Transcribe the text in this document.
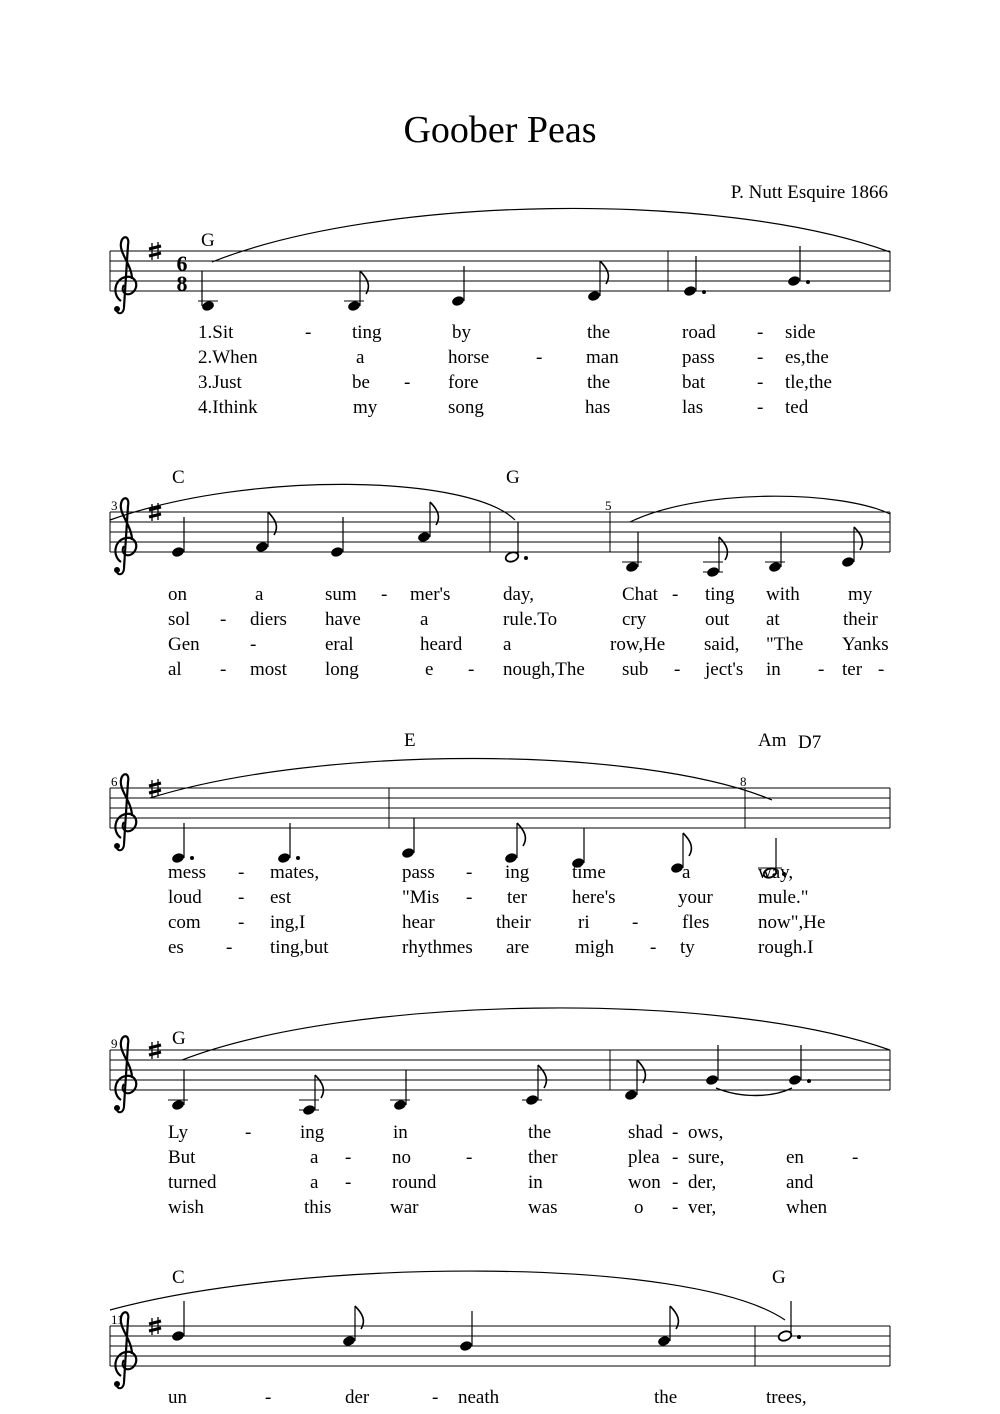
Goober Peas
P. Nutt Esquire 1866
6
8
G
1.Sit	- ting	by	the	road - side
2.When	a	horse - man	pass - es,the
3.Just	be - fore	the	bat	- tle,the
4.Ithink	my	song	has	las	- ted
3	5
C	G
on	a	sum - mer's	day,	Chat - ting with	my
sol - diers have	a	rule.To	cry	out at	their
Gen	-	eral	heard a	row,He said, "The Yanks
al - most long	e - nough,The sub - ject's in - ter -
6	8
E	Am D7
mess - mates,	pass - ing time	a	way,
loud - est	"Mis - ter here's	your mule."
com - ing,I	hear	their ri - fles	now",He
es - ting,but	rhythmes are migh - ty	rough.I
9	G
Ly	-	ing	in	the	shad - ows,
But	a - no	-	ther	plea - sure,	en	-
turned	a - round	in	won - der,	and
wish	this	war	was	o - ver,	when
11
C	G
un	-	der	- neath	the	trees,
